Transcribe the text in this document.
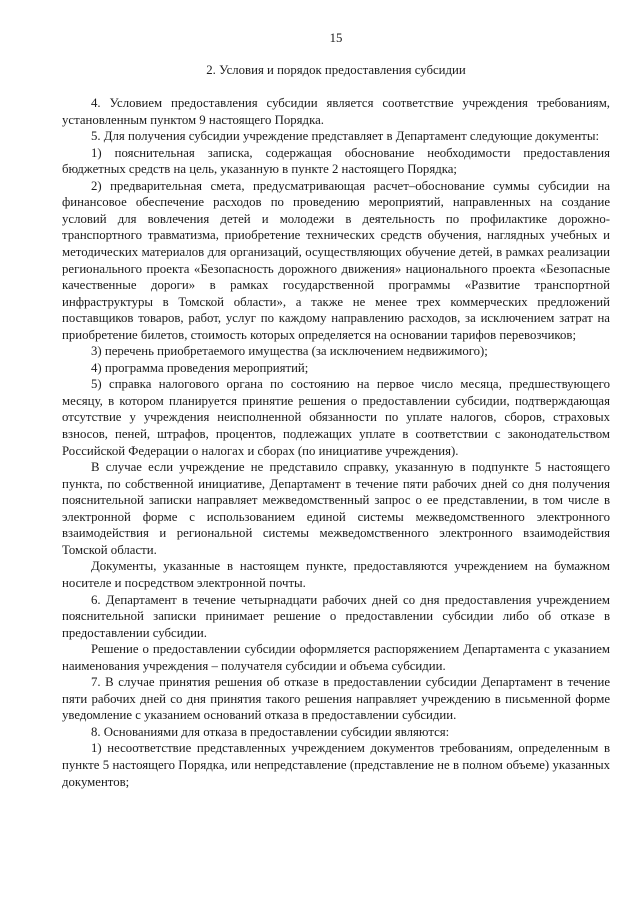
15
2. Условия и порядок предоставления субсидии

4. Условием предоставления субсидии является соответствие учреждения требованиям, установленным пунктом 9 настоящего Порядка.

5. Для получения субсидии учреждение представляет в Департамент следующие документы:

1) пояснительная записка, содержащая обоснование необходимости предоставления бюджетных средств на цель, указанную в пункте 2 настоящего Порядка;

2) предварительная смета, предусматривающая расчет–обоснование суммы субсидии на финансовое обеспечение расходов по проведению мероприятий, направленных на создание условий для вовлечения детей и молодежи в деятельность по профилактике дорожно-транспортного травматизма, приобретение технических средств обучения, наглядных учебных и методических материалов для организаций, осуществляющих обучение детей, в рамках реализации регионального проекта «Безопасность дорожного движения» национального проекта «Безопасные качественные дороги» в рамках государственной программы «Развитие транспортной инфраструктуры в Томской области», а также не менее трех коммерческих предложений поставщиков товаров, работ, услуг по каждому направлению расходов, за исключением затрат на приобретение билетов, стоимость которых определяется на основании тарифов перевозчиков;

3) перечень приобретаемого имущества (за исключением недвижимого);

4) программа проведения мероприятий;

5) справка налогового органа по состоянию на первое число месяца, предшествующего месяцу, в котором планируется принятие решения о предоставлении субсидии, подтверждающая отсутствие у учреждения неисполненной обязанности по уплате налогов, сборов, страховых взносов, пеней, штрафов, процентов, подлежащих уплате в соответствии с законодательством Российской Федерации о налогах и сборах (по инициативе учреждения).

В случае если учреждение не представило справку, указанную в подпункте 5 настоящего пункта, по собственной инициативе, Департамент в течение пяти рабочих дней со дня получения пояснительной записки направляет межведомственный запрос о ее представлении, в том числе в электронной форме с использованием единой системы межведомственного электронного взаимодействия и региональной системы межведомственного электронного взаимодействия Томской области.

Документы, указанные в настоящем пункте, предоставляются учреждением на бумажном носителе и посредством электронной почты.

6. Департамент в течение четырнадцати рабочих дней со дня предоставления учреждением пояснительной записки принимает решение о предоставлении субсидии либо об отказе в предоставлении субсидии.

Решение о предоставлении субсидии оформляется распоряжением Департамента с указанием наименования учреждения – получателя субсидии и объема субсидии.

7. В случае принятия решения об отказе в предоставлении субсидии Департамент в течение пяти рабочих дней со дня принятия такого решения направляет учреждению в письменной форме уведомление с указанием оснований отказа в предоставлении субсидии.

8. Основаниями для отказа в предоставлении субсидии являются:

1) несоответствие представленных учреждением документов требованиям, определенным в пункте 5 настоящего Порядка, или непредставление (представление не в полном объеме) указанных документов;
